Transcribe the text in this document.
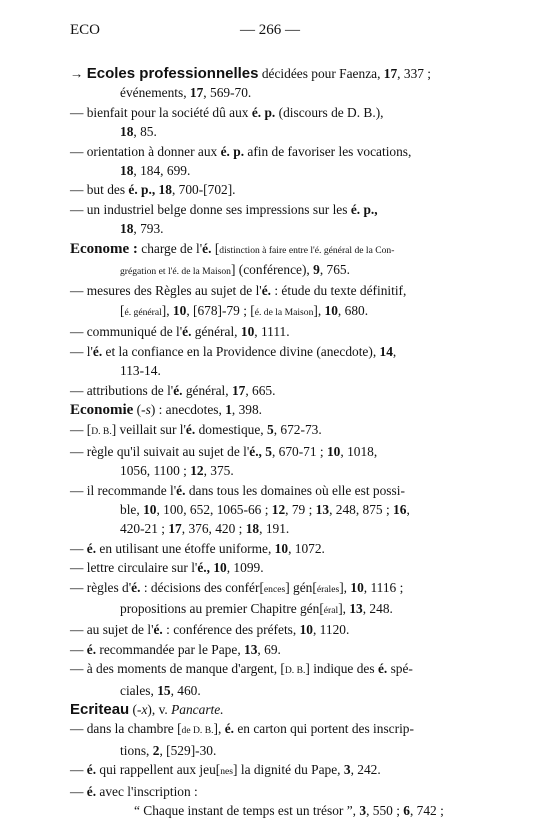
ECO	— 266 —
→ Ecoles professionnelles décidées pour Faenza, 17, 337 ;
événements, 17, 569-70.
— bienfait pour la société dû aux é. p. (discours de D. B.),
18, 85.
— orientation à donner aux é. p. afin de favoriser les vocations,
18, 184, 699.
— but des é. p., 18, 700-[702].
— un industriel belge donne ses impressions sur les é. p.,
18, 793.
Econome : charge de l'é. [distinction à faire entre l'é. général de la Con-
grégation et l'é. de la Maison] (conférence), 9, 765.
— mesures des Règles au sujet de l'é. : étude du texte définitif,
[é. général], 10, [678]-79 ; [é. de la Maison], 10, 680.
— communiqué de l'é. général, 10, 1111.
— l'é. et la confiance en la Providence divine (anecdote), 14,
113-14.
— attributions de l'é. général, 17, 665.
Economie (-s) : anecdotes, 1, 398.
— [D. B.] veillait sur l'é. domestique, 5, 672-73.
— règle qu'il suivait au sujet de l'é., 5, 670-71 ; 10, 1018,
1056, 1100 ; 12, 375.
— il recommande l'é. dans tous les domaines où elle est possi-
ble, 10, 100, 652, 1065-66 ; 12, 79 ; 13, 248, 875 ; 16,
420-21 ; 17, 376, 420 ; 18, 191.
— é. en utilisant une étoffe uniforme, 10, 1072.
— lettre circulaire sur l'é., 10, 1099.
— règles d'é. : décisions des confér[ences] gén[érales], 10, 1116 ;
propositions au premier Chapitre gén[éral], 13, 248.
— au sujet de l'é. : conférence des préfets, 10, 1120.
— é. recommandée par le Pape, 13, 69.
— à des moments de manque d'argent, [D. B.] indique des é. spé-
ciales, 15, 460.
Ecriteau (-x), v. Pancarte.
— dans la chambre [de D. B.], é. en carton qui portent des inscrip-
tions, 2, [529]-30.
— é. qui rappellent aux jeu[nes] la dignité du Pape, 3, 242.
— é. avec l'inscription :
“ Chaque instant de temps est un trésor ”, 3, 550 ; 6, 742 ;
